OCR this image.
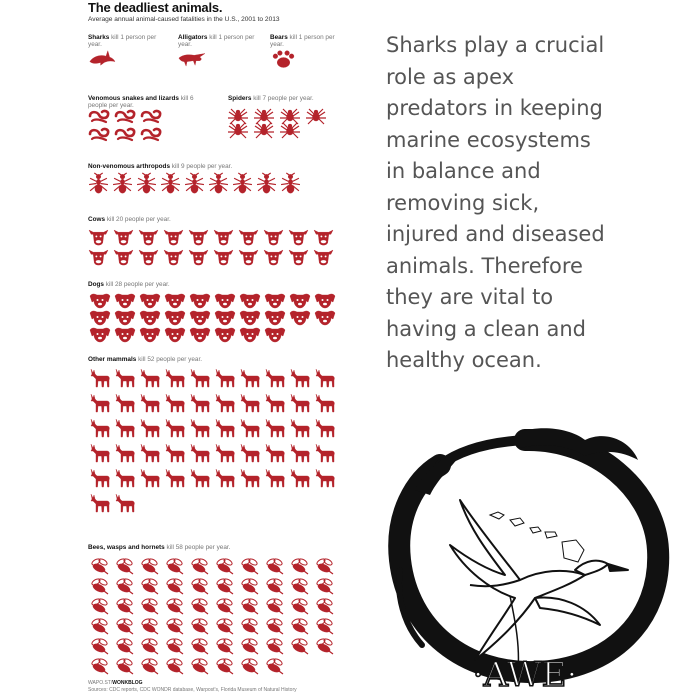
The deadliest animals.
Average annual animal-caused fatalities in the U.S., 2001 to 2013
Sharks kill 1 person per year.
Alligators kill 1 person per year.
Bears kill 1 person per year.
Venomous snakes and lizards kill 6 people per year.
Spiders kill 7 people per year.
Non-venomous arthropods kill 9 people per year.
Cows kill 20 people per year.
Dogs kill 28 people per year.
Other mammals kill 52 people per year.
Bees, wasps and hornets kill 58 people per year.
WAPO.ST/WONKBLOG
Sources: CDC reports, CDC WONDR database, Warpost's, Florida Museum of Natural History
Sharks play a crucial
role as apex
predators in keeping
marine ecosystems
in balance and
removing sick,
injured and diseased
animals. Therefore
they are vital to
having a clean and
healthy ocean.
·AWE·
